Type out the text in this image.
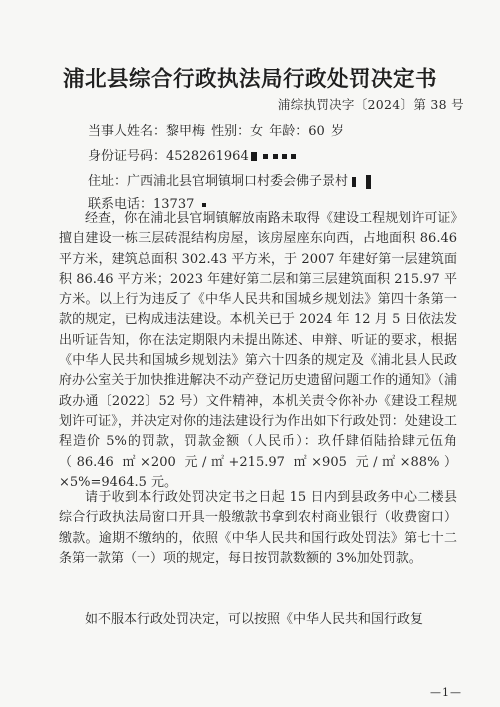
浦北县综合行政执法局行政处罚决定书
浦综执罚决字〔2024〕第 38 号
当事人姓名：黎甲梅 性别：女 年龄：60 岁
身份证号码：4528261964
住址：广西浦北县官垌镇垌口村委会佛子景村
联系电话：13737

经查，你在浦北县官垌镇解放南路未取得《建设工程规划许可证》擅自建设一栋三层砖混结构房屋，该房屋座东向西，占地面积 86.46 平方米，建筑总面积 302.43 平方米，于 2007 年建好第一层建筑面积 86.46 平方米；2023 年建好第二层和第三层建筑面积 215.97 平方米。以上行为违反了《中华人民共和国城乡规划法》第四十条第一款的规定，已构成违法建设。本机关已于 2024 年 12 月 5 日依法发出听证告知，你在法定期限内未提出陈述、申辩、听证的要求，根据《中华人民共和国城乡规划法》第六十四条的规定及《浦北县人民政府办公室关于加快推进解决不动产登记历史遗留问题工作的通知》（浦政办通〔2022〕52 号）文件精神，本机关责令你补办《建设工程规划许可证》，并决定对你的违法建设行为作出如下行政处罚：处建设工程造价 5%的罚款，罚款金额（人民币）：玖仟肆佰陆拾肆元伍角（86.46 ㎡×200 元/㎡+215.97 ㎡×905 元/㎡×88%）×5%=9464.5 元。

请于收到本行政处罚决定书之日起 15 日内到县政务中心二楼县综合行政执法局窗口开具一般缴款书拿到农村商业银行（收费窗口）缴款。逾期不缴纳的，依照《中华人民共和国行政处罚法》第七十二条第一款第（一）项的规定，每日按罚款数额的 3%加处罚款。

如不服本行政处罚决定，可以按照《中华人民共和国行政复

—1—
